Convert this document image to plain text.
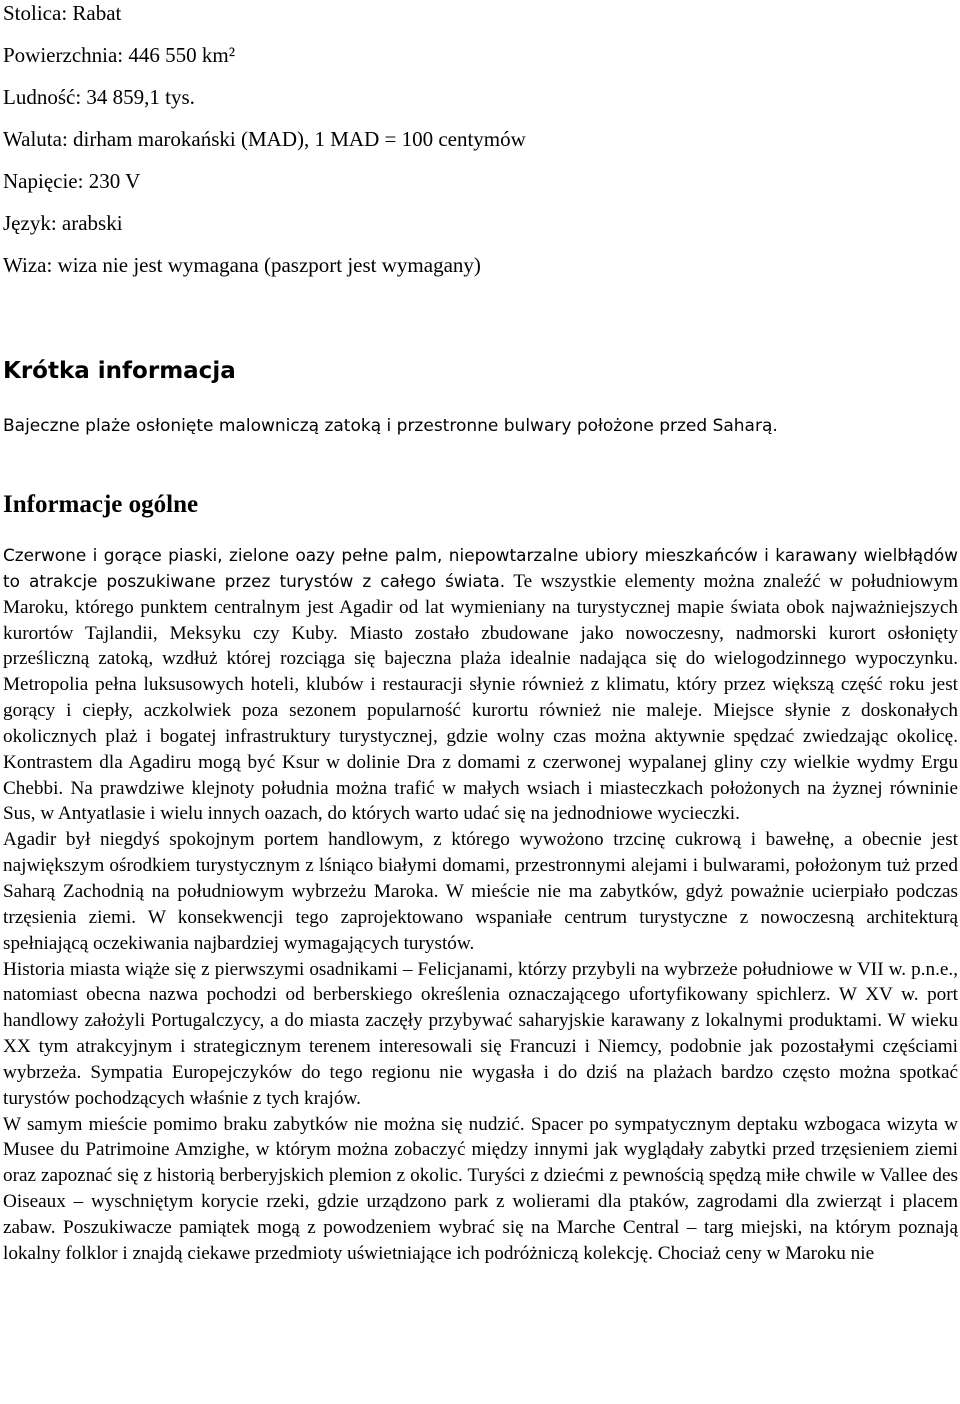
Stolica: Rabat
Powierzchnia: 446 550 km²
Ludność: 34 859,1 tys.
Waluta: dirham marokański (MAD), 1 MAD = 100 centymów
Napięcie: 230 V
Język: arabski
Wiza: wiza nie jest wymagana (paszport jest wymagany)
Krótka informacja

Bajeczne plaże osłonięte malowniczą zatoką i przestronne bulwary położone przed Saharą.

Informacje ogólne

Czerwone i gorące piaski, zielone oazy pełne palm, niepowtarzalne ubiory mieszkańców i karawany wielbłądów to atrakcje poszukiwane przez turystów z całego świata. Te wszystkie elementy można znaleźć w południowym Maroku, którego punktem centralnym jest Agadir od lat wymieniany na turystycznej mapie świata obok najważniejszych kurortów Tajlandii, Meksyku czy Kuby. Miasto zostało zbudowane jako nowoczesny, nadmorski kurort osłonięty prześliczną zatoką, wzdłuż której rozciąga się bajeczna plaża idealnie nadająca się do wielogodzinnego wypoczynku. Metropolia pełna luksusowych hoteli, klubów i restauracji słynie również z klimatu, który przez większą część roku jest gorący i ciepły, aczkolwiek poza sezonem popularność kurortu również nie maleje. Miejsce słynie z doskonałych okolicznych plaż i bogatej infrastruktury turystycznej, gdzie wolny czas można aktywnie spędzać zwiedzając okolicę. Kontrastem dla Agadiru mogą być Ksur w dolinie Dra z domami z czerwonej wypalanej gliny czy wielkie wydmy Ergu Chebbi. Na prawdziwe klejnoty południa można trafić w małych wsiach i miasteczkach położonych na żyznej równinie Sus, w Antyatlasie i wielu innych oazach, do których warto udać się na jednodniowe wycieczki.

Agadir był niegdyś spokojnym portem handlowym, z którego wywożono trzcinę cukrową i bawełnę, a obecnie jest największym ośrodkiem turystycznym z lśniąco białymi domami, przestronnymi alejami i bulwarami, położonym tuż przed Saharą Zachodnią na południowym wybrzeżu Maroka. W mieście nie ma zabytków, gdyż poważnie ucierpiało podczas trzęsienia ziemi. W konsekwencji tego zaprojektowano wspaniałe centrum turystyczne z nowoczesną architekturą spełniającą oczekiwania najbardziej wymagających turystów.

Historia miasta wiąże się z pierwszymi osadnikami – Felicjanami, którzy przybyli na wybrzeże południowe w VII w. p.n.e., natomiast obecna nazwa pochodzi od berberskiego określenia oznaczającego ufortyfikowany spichlerz. W XV w. port handlowy założyli Portugalczycy, a do miasta zaczęły przybywać saharyjskie karawany z lokalnymi produktami. W wieku XX tym atrakcyjnym i strategicznym terenem interesowali się Francuzi i Niemcy, podobnie jak pozostałymi częściami wybrzeża. Sympatia Europejczyków do tego regionu nie wygasła i do dziś na plażach bardzo często można spotkać turystów pochodzących właśnie z tych krajów.

W samym mieście pomimo braku zabytków nie można się nudzić. Spacer po sympatycznym deptaku wzbogaca wizyta w Musee du Patrimoine Amzighe, w którym można zobaczyć między innymi jak wyglądały zabytki przed trzęsieniem ziemi oraz zapoznać się z historią berberyjskich plemion z okolic. Turyści z dziećmi z pewnością spędzą miłe chwile w Vallee des Oiseaux – wyschniętym korycie rzeki, gdzie urządzono park z wolierami dla ptaków, zagrodami dla zwierząt i placem zabaw. Poszukiwacze pamiątek mogą z powodzeniem wybrać się na Marche Central – targ miejski, na którym poznają lokalny folklor i znajdą ciekawe przedmioty uświetniające ich podróżniczą kolekcję. Chociaż ceny w Maroku nie
